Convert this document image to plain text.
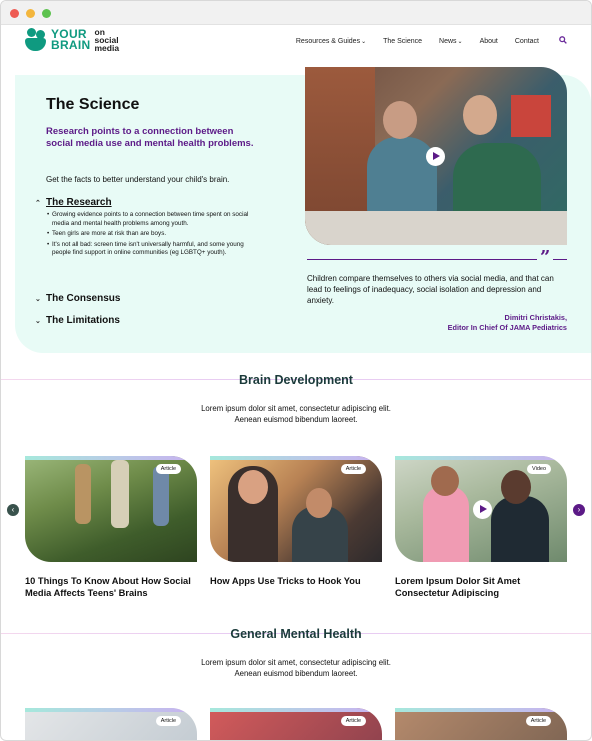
YOUR
BRAIN
on
social
media
Resources & Guides⌄ The Science News⌄ About Contact
The Science

Research points to a connection between social media use and mental health problems.

Get the facts to better understand your child's brain.

⌃ The Research
• Growing evidence points to a connection between time spent on social media and mental health problems among youth.
• Teen girls are more at risk than are boys.
• It's not all bad: screen time isn't universally harmful, and some young people find support in online communities (eg LGBTQ+ youth).
⌄ The Consensus
⌄ The Limitations
”

Children compare themselves to others via social media, and that can lead to feelings of inadequacy, social isolation and depression and anxiety.

Dimitri Christakis,
Editor In Chief Of JAMA Pediatrics
Brain Development
Lorem ipsum dolor sit amet, consectetur adipiscing elit.
Aenean euismod bibendum laoreet.
Article
10 Things To Know About How Social Media Affects Teens' Brains
Article
How Apps Use Tricks to Hook You
Video
Lorem Ipsum Dolor Sit Amet Consectetur Adipiscing
‹	›
General Mental Health
Lorem ipsum dolor sit amet, consectetur adipiscing elit.
Aenean euismod bibendum laoreet.
Article	Article	Article
